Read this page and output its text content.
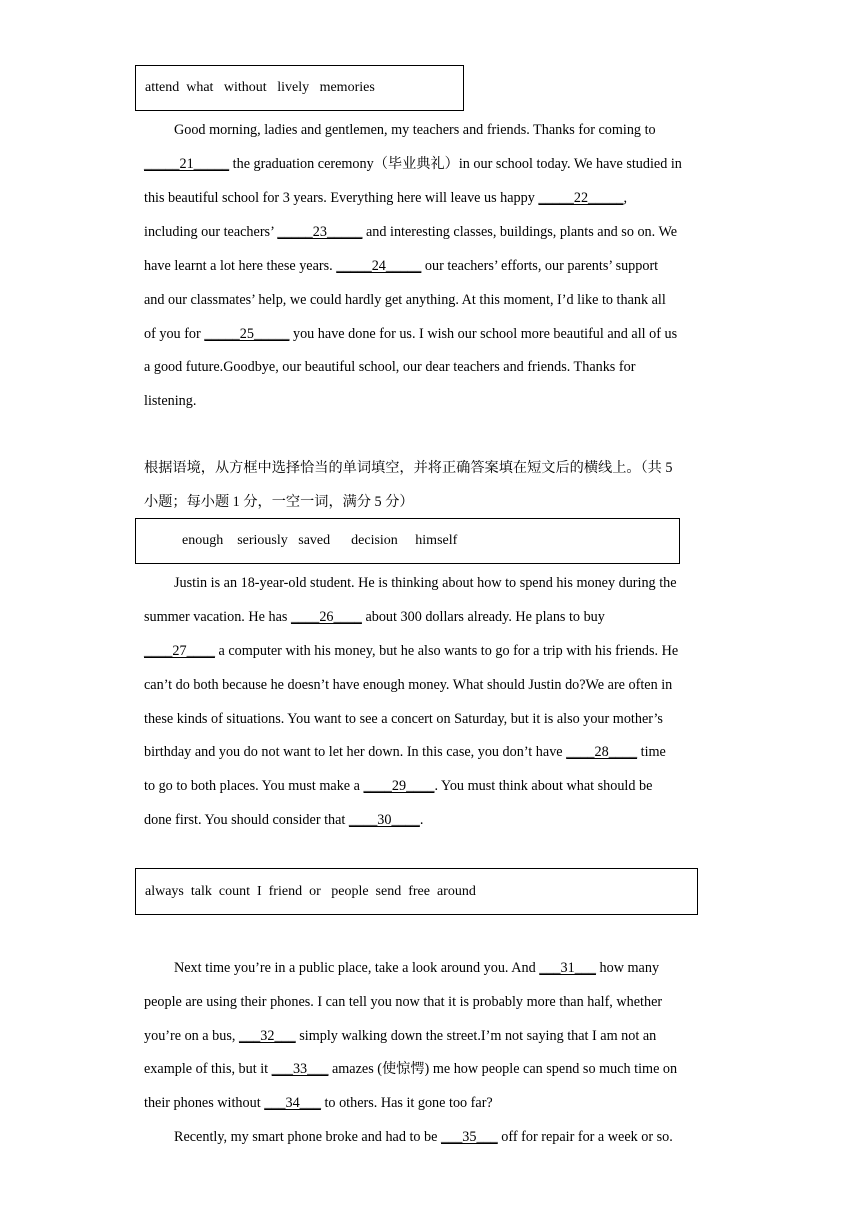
attend  what   without   lively   memories
Good morning, ladies and gentlemen, my teachers and friends. Thanks for coming to
_____21_____ the graduation ceremony（毕业典礼）in our school today. We have studied in
this beautiful school for 3 years. Everything here will leave us happy _____22_____,
including our teachers’ _____23_____ and interesting classes, buildings, plants and so on. We
have learnt a lot here these years. _____24_____ our teachers’ efforts, our parents’ support
and our classmates’ help, we could hardly get anything. At this moment, I’d like to thank all
of you for _____25_____ you have done for us. I wish our school more beautiful and all of us
a good future.Goodbye, our beautiful school, our dear teachers and friends. Thanks for
listening.
根据语境，从方框中选择恰当的单词填空，并将正确答案填在短文后的横线上。（共 5
小题；每小题 1 分，一空一词，满分 5 分）
enough    seriously   saved      decision     himself
Justin is an 18-year-old student. He is thinking about how to spend his money during the
summer vacation. He has ____26____ about 300 dollars already. He plans to buy
____27____ a computer with his money, but he also wants to go for a trip with his friends. He
can’t do both because he doesn’t have enough money. What should Justin do?We are often in
these kinds of situations. You want to see a concert on Saturday, but it is also your mother’s
birthday and you do not want to let her down. In this case, you don’t have ____28____ time
to go to both places. You must make a ____29____. You must think about what should be
done first. You should consider that ____30____.
always  talk  count  I  friend  or   people  send  free  around
Next time you’re in a public place, take a look around you. And ___31___ how many
people are using their phones. I can tell you now that it is probably more than half, whether
you’re on a bus, ___32___ simply walking down the street.I’m not saying that I am not an
example of this, but it ___33___ amazes (使惊愕) me how people can spend so much time on
their phones without ___34___ to others. Has it gone too far?
Recently, my smart phone broke and had to be ___35___ off for repair for a week or so.
